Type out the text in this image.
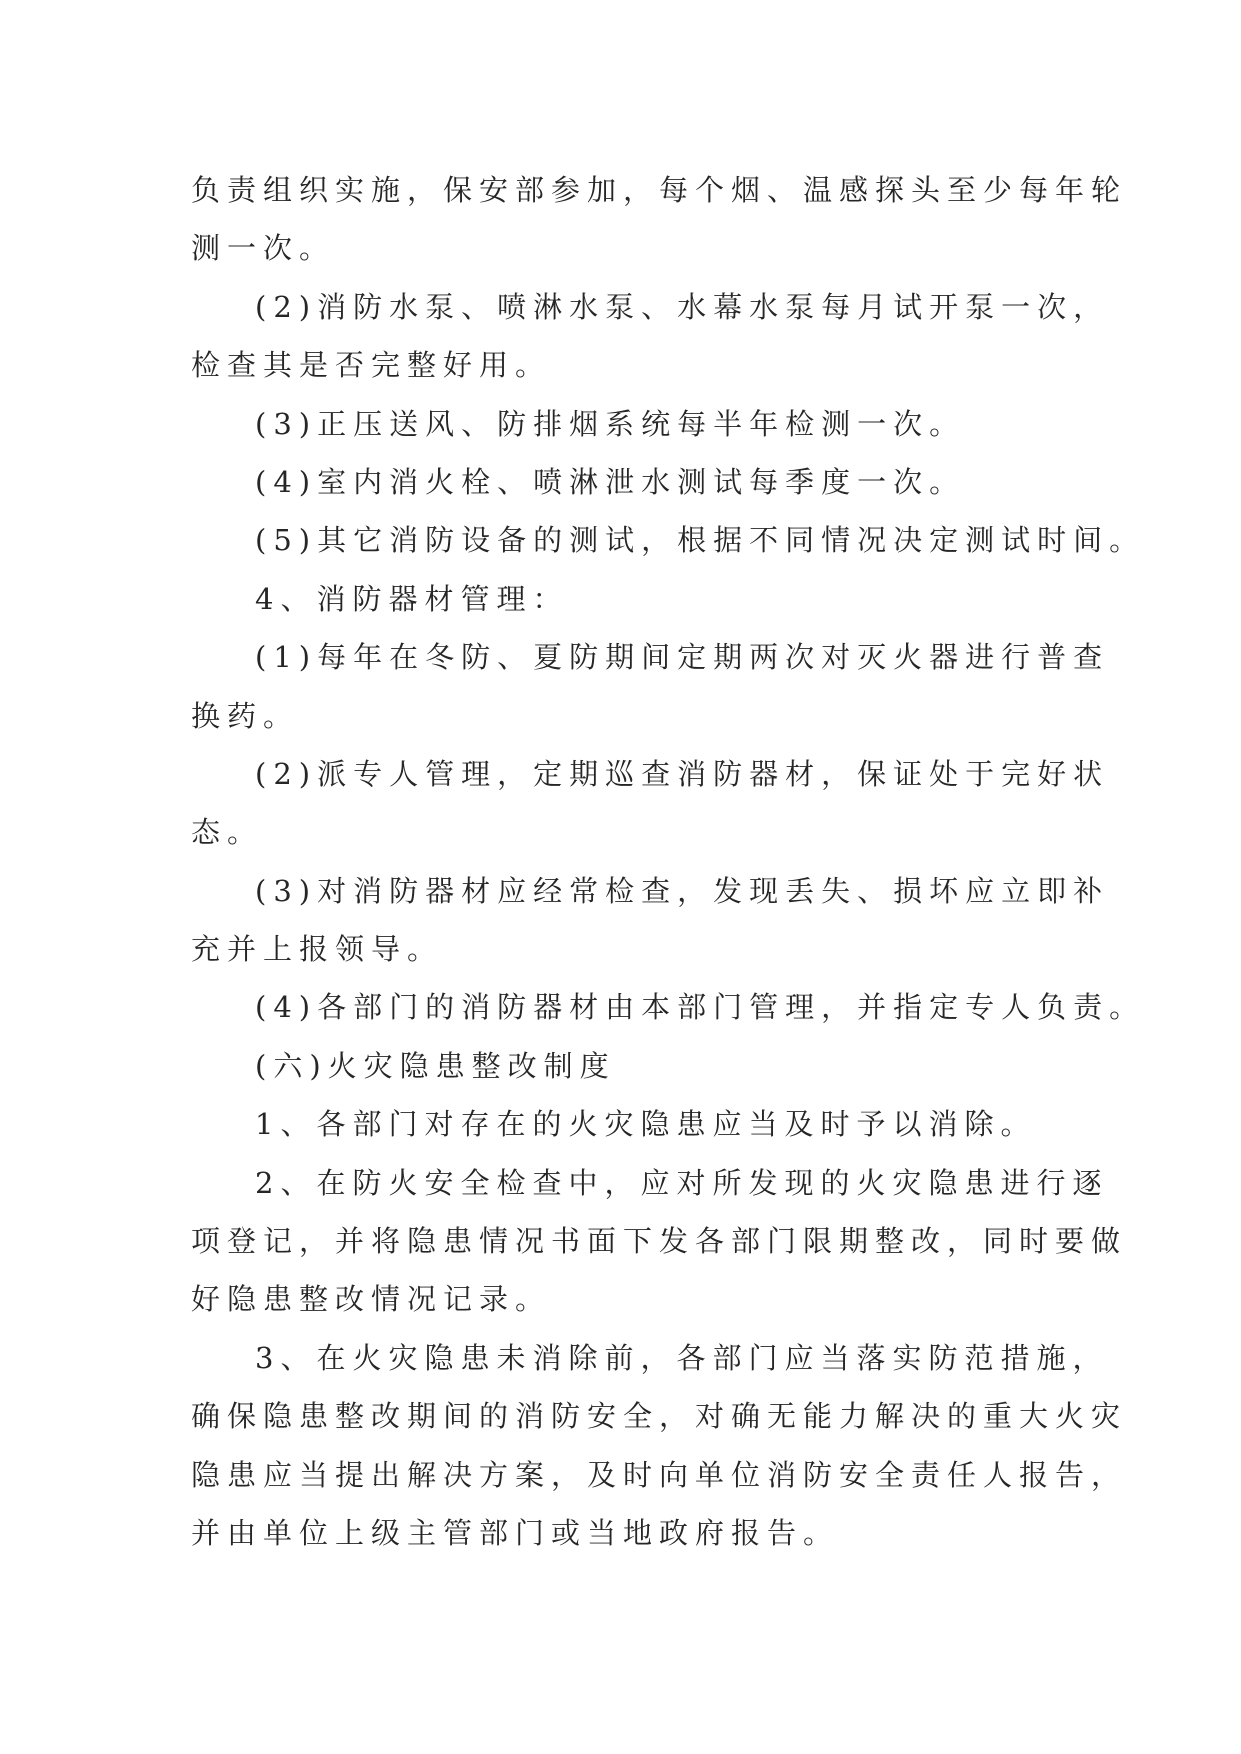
负责组织实施，保安部参加，每个烟、温感探头至少每年轮
测一次。
(2)消防水泵、喷淋水泵、水幕水泵每月试开泵一次，
检查其是否完整好用。
(3)正压送风、防排烟系统每半年检测一次。
(4)室内消火栓、喷淋泄水测试每季度一次。
(5)其它消防设备的测试，根据不同情况决定测试时间。
4、消防器材管理：
(1)每年在冬防、夏防期间定期两次对灭火器进行普查
换药。
(2)派专人管理，定期巡查消防器材，保证处于完好状
态。
(3)对消防器材应经常检查，发现丢失、损坏应立即补
充并上报领导。
(4)各部门的消防器材由本部门管理，并指定专人负责。
(六)火灾隐患整改制度
1、各部门对存在的火灾隐患应当及时予以消除。
2、在防火安全检查中，应对所发现的火灾隐患进行逐
项登记，并将隐患情况书面下发各部门限期整改，同时要做
好隐患整改情况记录。
3、在火灾隐患未消除前，各部门应当落实防范措施，
确保隐患整改期间的消防安全，对确无能力解决的重大火灾
隐患应当提出解决方案，及时向单位消防安全责任人报告，
并由单位上级主管部门或当地政府报告。
